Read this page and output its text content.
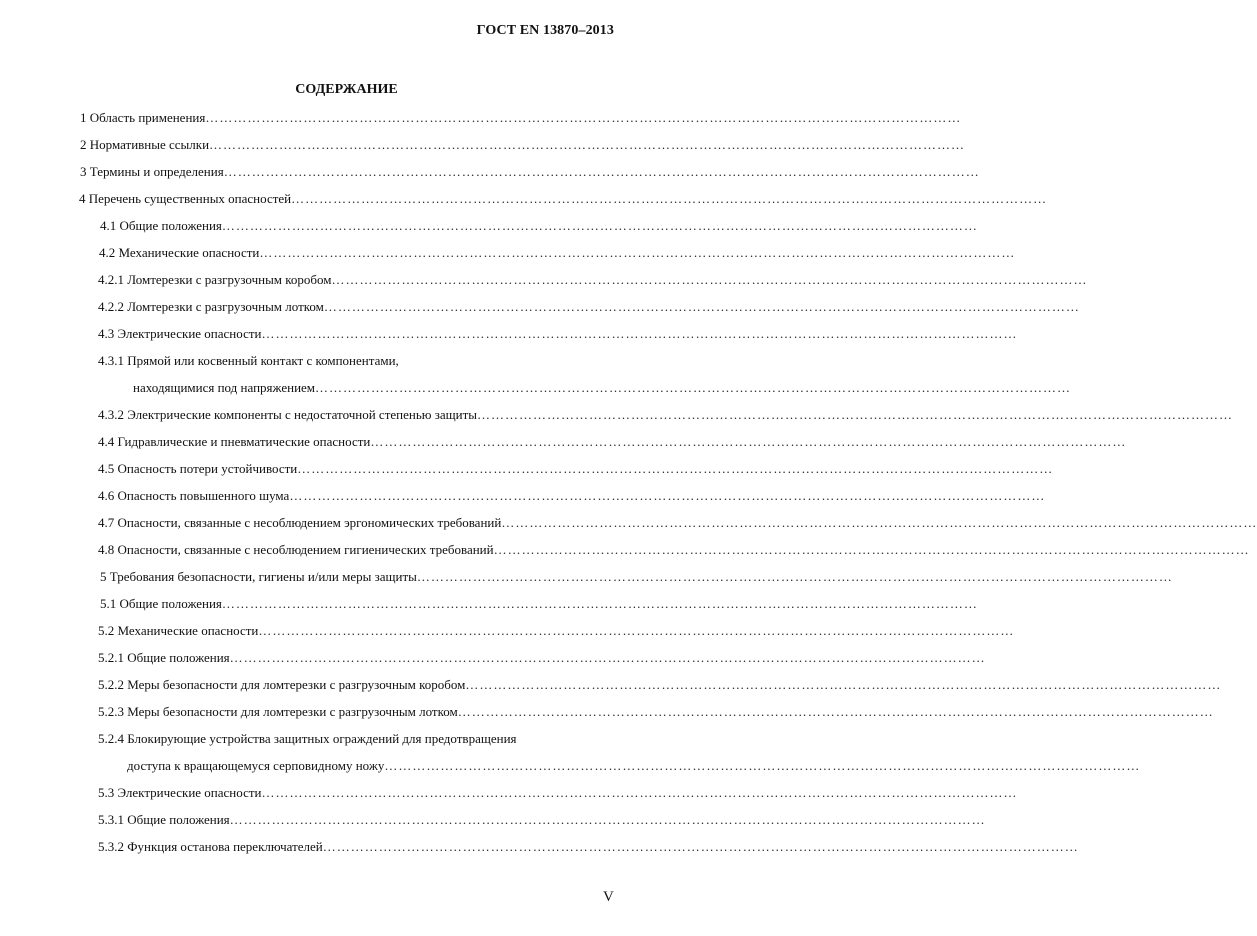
ГОСТ EN 13870–2013
СОДЕРЖАНИЕ
1 Область применения ………………………………………………………………………………………………………………………………………………
2 Нормативные ссылки ………………………………………………………………………………………………………………………………………………
3 Термины и определения ………………………………………………………………………………………………………………………………………………
4 Перечень существенных опасностей ………………………………………………………………………………………………………………………………………………
4.1 Общие положения ………………………………………………………………………………………………………………………………………………
4.2 Механические опасности ………………………………………………………………………………………………………………………………………………
4.2.1 Ломтерезки с разгрузочным коробом ………………………………………………………………………………………………………………………………………………
4.2.2 Ломтерезки с разгрузочным лотком ………………………………………………………………………………………………………………………………………………
4.3 Электрические опасности ………………………………………………………………………………………………………………………………………………
4.3.1 Прямой или косвенный контакт с компонентами,
находящимися под напряжением ………………………………………………………………………………………………………………………………………………
4.3.2 Электрические компоненты с недостаточной степенью защиты ………………………………………………………………………………………………………………………………………………
4.4 Гидравлические и пневматические опасности ………………………………………………………………………………………………………………………………………………
4.5 Опасность потери устойчивости ………………………………………………………………………………………………………………………………………………
4.6 Опасность повышенного шума ………………………………………………………………………………………………………………………………………………
4.7 Опасности, связанные с несоблюдением эргономических требований ………………………………………………………………………………………………………………………………………………
4.8 Опасности, связанные с несоблюдением гигиенических требований ………………………………………………………………………………………………………………………………………………
5 Требования безопасности, гигиены и/или меры защиты ………………………………………………………………………………………………………………………………………………
5.1 Общие положения ………………………………………………………………………………………………………………………………………………
5.2 Механические опасности ………………………………………………………………………………………………………………………………………………
5.2.1 Общие положения ………………………………………………………………………………………………………………………………………………
5.2.2 Меры безопасности для ломтерезки с разгрузочным коробом ………………………………………………………………………………………………………………………………………………
5.2.3 Меры безопасности для ломтерезки с разгрузочным лотком ………………………………………………………………………………………………………………………………………………
5.2.4 Блокирующие устройства защитных ограждений для предотвращения
доступа к вращающемуся серповидному ножу ………………………………………………………………………………………………………………………………………………
5.3 Электрические опасности ………………………………………………………………………………………………………………………………………………
5.3.1 Общие положения ………………………………………………………………………………………………………………………………………………
5.3.2 Функция останова переключателей ………………………………………………………………………………………………………………………………………………
V
